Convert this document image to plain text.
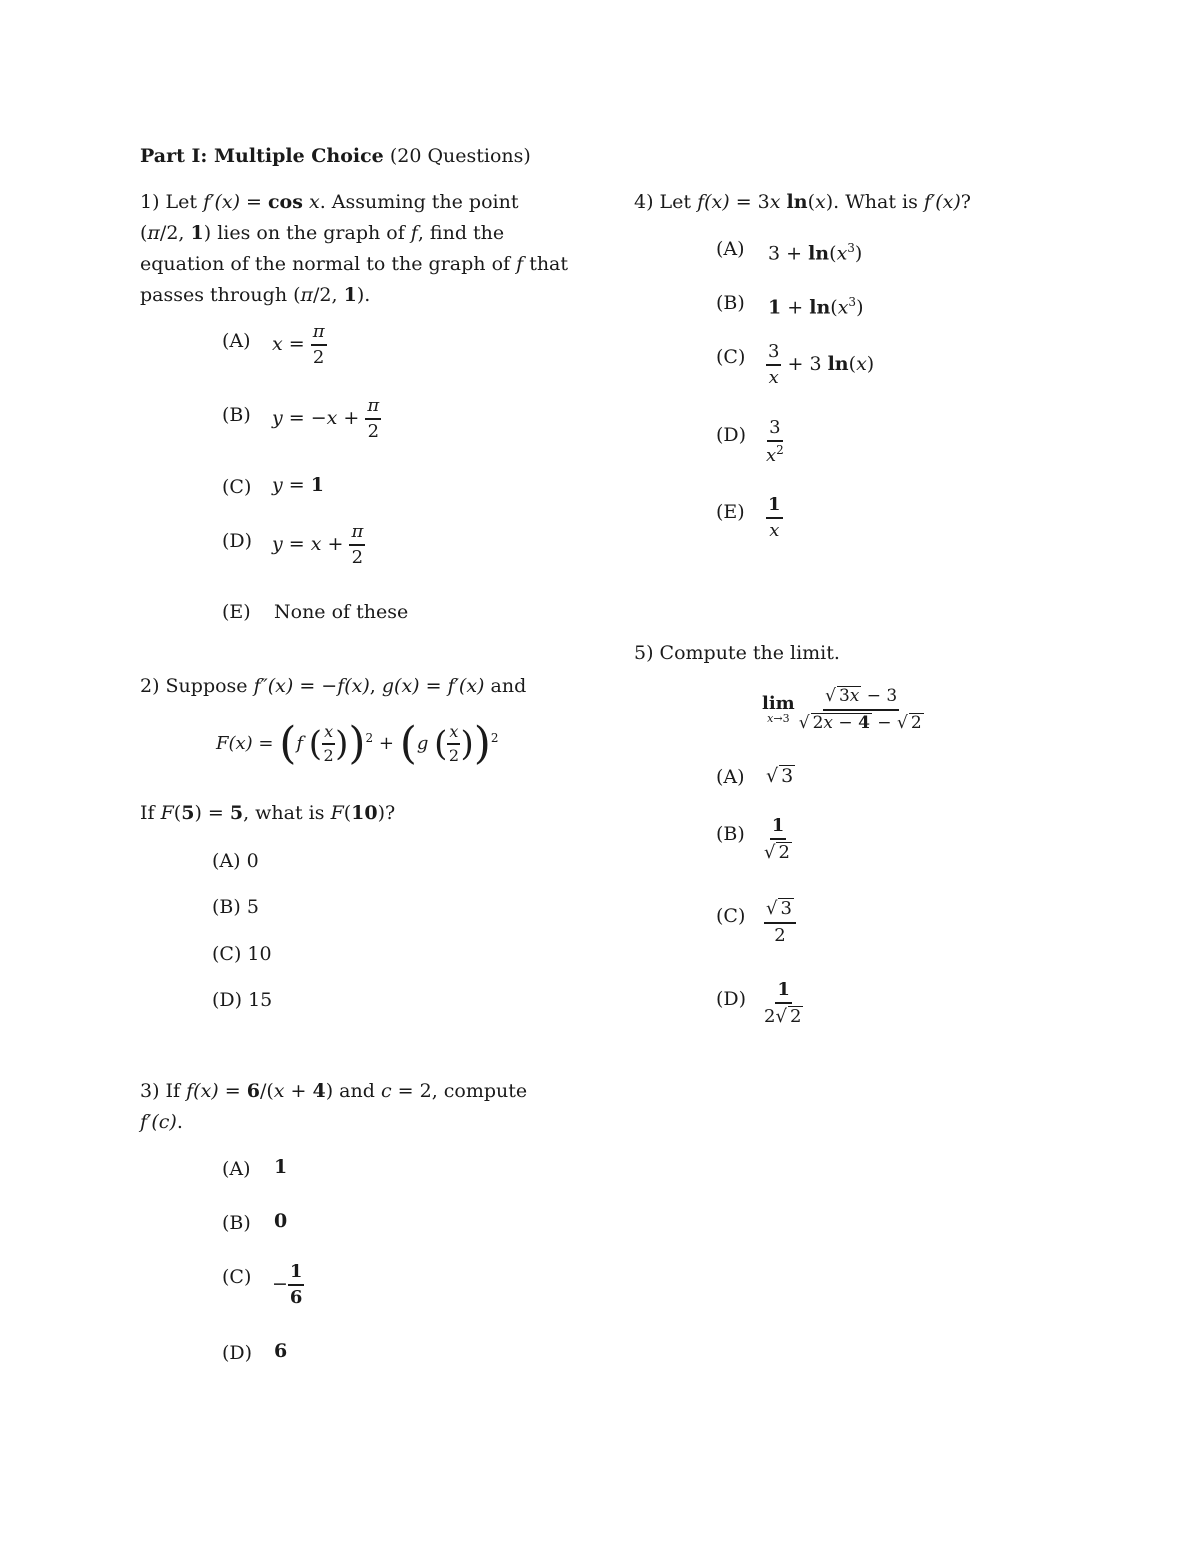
Part I: Multiple Choice (20 Questions)
1) Let f′(x) = cos x. Assuming the point
(π/2, 1) lies on the graph of f, find the
equation of the normal to the graph of f that
passes through (π/2, 1).
(A) $x = \frac{\pi}{2}$
(B) $y = -x + \frac{\pi}{2}$
(C) y = 1
(D) $y = x + \frac{\pi}{2}$
(E) None of these
2) Suppose f″(x) = −f(x), g(x) = f′(x) and
F(x) = (f ( $\frac{x}{2} ))^2 + (g$ ( $\frac{x}{2} ))^2$
If F(5) = 5, what is F(10)?
(A) 0
(B) 5
(C) 10
(D) 15
3) If f(x) = 6/(x + 4) and c = 2, compute
f′(c).
(A) 1
(B) 0
$(C) - \frac{1}{6}$
(D) 6
4) Let f(x) = 3x ln(x). What is f′(x)?
(A) $3 + \ln(x^3)$
(B) $1 + \ln(x^3)$
$(C) \frac{3}{x} + 3$ ln(x)
$(D) \frac{3}{x^2}$
$(E) \frac{1}{x}$
5) Compute the limit.
lim
$x\to 3 \frac{√ 3x - 3}{√ 2x - 4 - √ 2}$
(A) √ 3
$(B) \frac{1}{√ 2}$
$(C) \frac{√ 3}{2}$
$(D) \frac{1}{2√ 2}$
